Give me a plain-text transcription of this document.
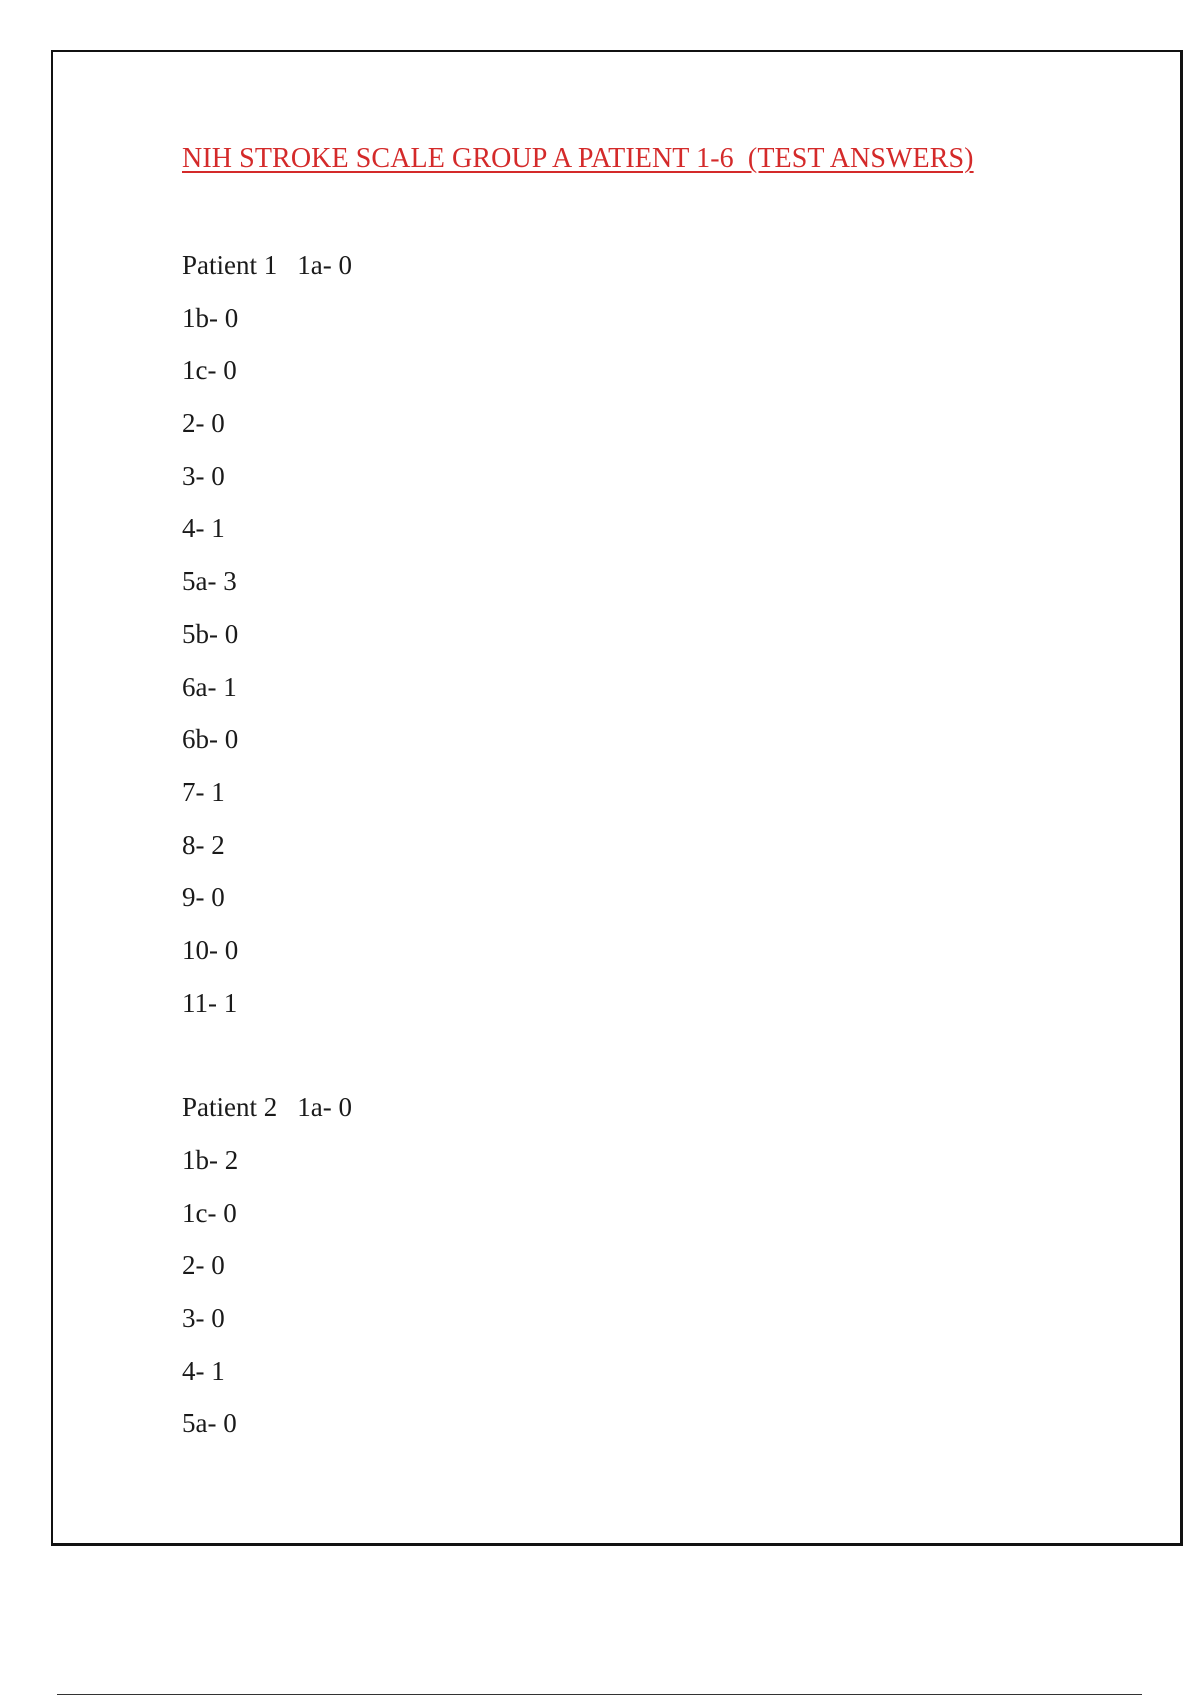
NIH STROKE SCALE GROUP A PATIENT 1-6  (TEST ANSWERS)
Patient 1 1a- 0
1b- 0
1c- 0
2- 0
3- 0
4- 1
5a- 3
5b- 0
6a- 1
6b- 0
7- 1
8- 2
9- 0
10- 0
11- 1
Patient 2 1a- 0
1b- 2
1c- 0
2- 0
3- 0
4- 1
5a- 0
